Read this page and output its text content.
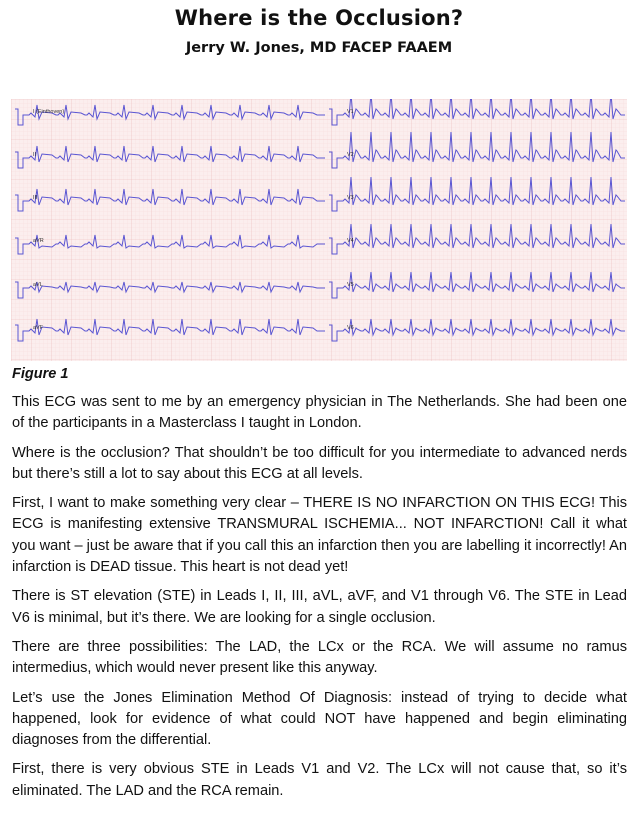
Where is the Occlusion?
Jerry W. Jones, MD FACEP FAAEM
I (Einthoven)	V1
II	V2
III	V3
aVR	V4
aVL	V5
aVF	V6
Figure 1

This ECG was sent to me by an emergency physician in The Netherlands. She had been one of the participants in a Masterclass I taught in London.

Where is the occlusion? That shouldn’t be too difficult for you intermediate to advanced nerds but there’s still a lot to say about this ECG at all levels.

First, I want to make something very clear – THERE IS NO INFARCTION ON THIS ECG! This ECG is manifesting extensive TRANSMURAL ISCHEMIA... NOT INFARCTION! Call it what you want – just be aware that if you call this an infarction then you are labelling it incorrectly! An infarction is DEAD tissue. This heart is not dead yet!

There is ST elevation (STE) in Leads I, II, III, aVL, aVF, and V1 through V6. The STE in Lead V6 is minimal, but it’s there. We are looking for a single occlusion.

There are three possibilities: The LAD, the LCx or the RCA. We will assume no ramus intermedius, which would never present like this anyway.

Let’s use the Jones Elimination Method Of Diagnosis: instead of trying to decide what happened, look for evidence of what could NOT have happened and begin eliminating diagnoses from the differential.

First, there is very obvious STE in Leads V1 and V2. The LCx will not cause that, so it’s eliminated. The LAD and the RCA remain.
